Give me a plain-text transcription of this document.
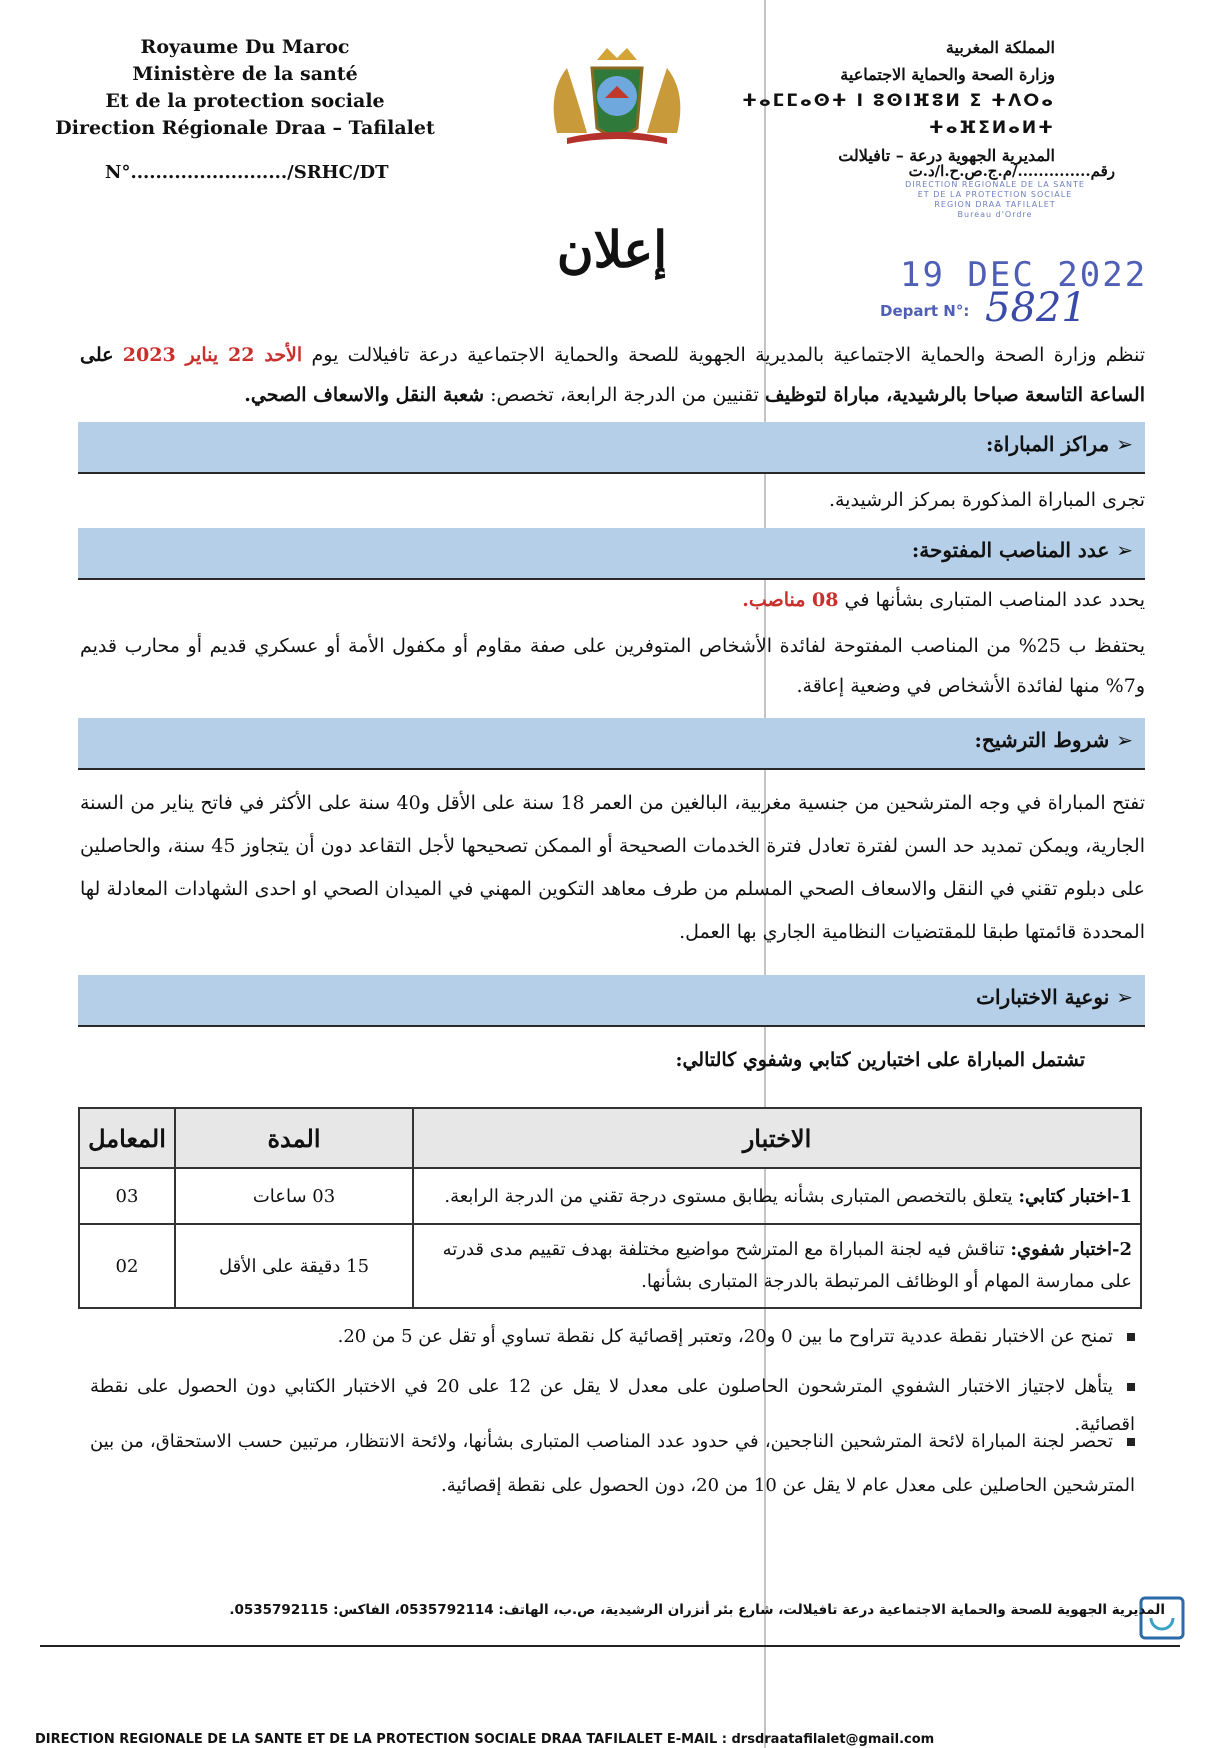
Royaume Du Maroc
Ministère de la santé
Et de la protection sociale
Direction Régionale Draa – Tafilalet
المملكة المغربية
وزارة الصحة والحماية الاجتماعية
ⵜⴰⵎⵎⴰⵙⵜ ⵏ ⵓⵙⵏⴼⵓⵍ ⵉ ⵜⴷⵔⴰ ⵜⴰⴼⵉⵍⴰⵍⵜ
المديرية الجهوية درعة – تافيلالت
N°........................./SRHC/DT	رقم............../م.ج.ص.ح.ا/د.ت
DIRECTION REGIONALE DE LA SANTE
ET DE LA PROTECTION SOCIALE
REGION DRAA TAFILALET
Bureau d'Ordre
19 DEC 2022
Depart N°: 5821
إعلان
تنظم وزارة الصحة والحماية الاجتماعية بالمديرية الجهوية للصحة والحماية الاجتماعية درعة تافيلالت يوم الأحد 22 يناير 2023 على الساعة التاسعة صباحا بالرشيدية، مباراة لتوظيف تقنيين من الدرجة الرابعة، تخصص: شعبة النقل والاسعاف الصحي.
➢ مراكز المباراة:
تجرى المباراة المذكورة بمركز الرشيدية.
➢ عدد المناصب المفتوحة:
يحدد عدد المناصب المتبارى بشأنها في 08 مناصب.
يحتفظ ب 25% من المناصب المفتوحة لفائدة الأشخاص المتوفرين على صفة مقاوم أو مكفول الأمة أو عسكري قديم أو محارب قديم و7% منها لفائدة الأشخاص في وضعية إعاقة.
➢ شروط الترشيح:
تفتح المباراة في وجه المترشحين من جنسية مغربية، البالغين من العمر 18 سنة على الأقل و40 سنة على الأكثر في فاتح يناير من السنة الجارية، ويمكن تمديد حد السن لفترة تعادل فترة الخدمات الصحيحة أو الممكن تصحيحها لأجل التقاعد دون أن يتجاوز 45 سنة، والحاصلين على دبلوم تقني في النقل والاسعاف الصحي المسلم من طرف معاهد التكوين المهني في الميدان الصحي او احدى الشهادات المعادلة لها المحددة قائمتها طبقا للمقتضيات النظامية الجاري بها العمل.
➢ نوعية الاختبارات
تشتمل المباراة على اختبارين كتابي وشفوي كالتالي:
الاختبار	المدة	المعامل
1-اختبار كتابي: يتعلق بالتخصص المتبارى بشأنه يطابق مستوى درجة تقني من الدرجة الرابعة.	03 ساعات	03
2-اختبار شفوي: تناقش فيه لجنة المباراة مع المترشح مواضيع مختلفة بهدف تقييم مدى قدرته على ممارسة المهام أو الوظائف المرتبطة بالدرجة المتبارى بشأنها.	15 دقيقة على الأقل	02
تمنح عن الاختبار نقطة عددية تتراوح ما بين 0 و20، وتعتبر إقصائية كل نقطة تساوي أو تقل عن 5 من 20.
يتأهل لاجتياز الاختبار الشفوي المترشحون الحاصلون على معدل لا يقل عن 12 على 20 في الاختبار الكتابي دون الحصول على نقطة اقصائية.
تحصر لجنة المباراة لائحة المترشحين الناجحين، في حدود عدد المناصب المتبارى بشأنها، ولائحة الانتظار، مرتبين حسب الاستحقاق، من بين المترشحين الحاصلين على معدل عام لا يقل عن 10 من 20، دون الحصول على نقطة إقصائية.
المديرية الجهوية للصحة والحماية الاجتماعية درعة تافيلالت، شارع بئر أنزران الرشيدية، ص.ب، الهاتف: 0535792114، الفاكس: 0535792115.
DIRECTION REGIONALE DE LA SANTE ET DE LA PROTECTION SOCIALE DRAA TAFILALET E-MAIL : drsdraatafilalet@gmail.com
